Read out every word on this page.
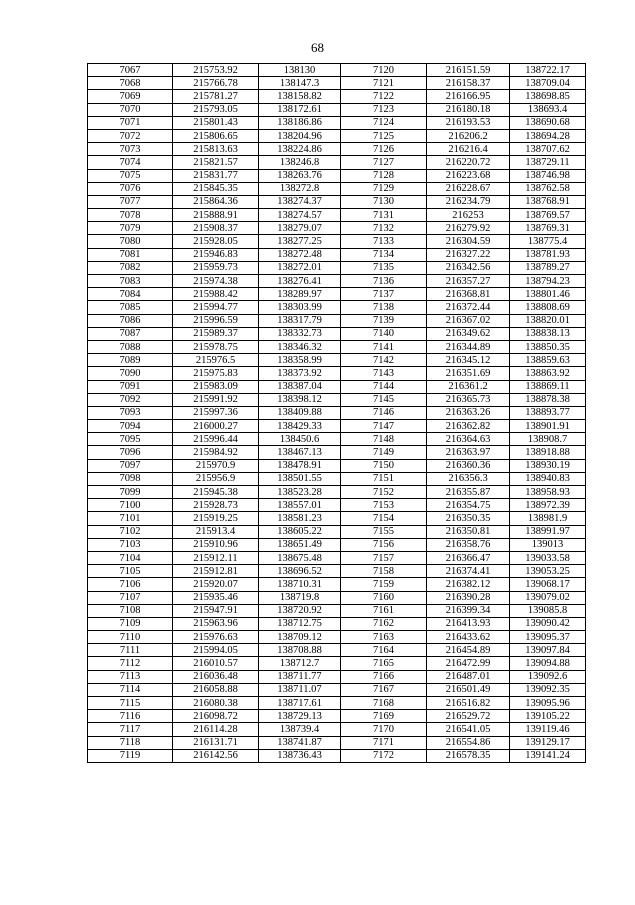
68
7067	215753.92	138130	7120	216151.59	138722.17
7068	215766.78	138147.3	7121	216158.37	138709.04
7069	215781.27	138158.82	7122	216166.95	138698.85
7070	215793.05	138172.61	7123	216180.18	138693.4
7071	215801.43	138186.86	7124	216193.53	138690.68
7072	215806.65	138204.96	7125	216206.2	138694.28
7073	215813.63	138224.86	7126	216216.4	138707.62
7074	215821.57	138246.8	7127	216220.72	138729.11
7075	215831.77	138263.76	7128	216223.68	138746.98
7076	215845.35	138272.8	7129	216228.67	138762.58
7077	215864.36	138274.37	7130	216234.79	138768.91
7078	215888.91	138274.57	7131	216253	138769.57
7079	215908.37	138279.07	7132	216279.92	138769.31
7080	215928.05	138277.25	7133	216304.59	138775.4
7081	215946.83	138272.48	7134	216327.22	138781.93
7082	215959.73	138272.01	7135	216342.56	138789.27
7083	215974.38	138276.41	7136	216357.27	138794.23
7084	215988.42	138289.97	7137	216368.81	138801.46
7085	215994.77	138303.99	7138	216372.44	138808.69
7086	215996.59	138317.79	7139	216367.02	138820.01
7087	215989.37	138332.73	7140	216349.62	138838.13
7088	215978.75	138346.32	7141	216344.89	138850.35
7089	215976.5	138358.99	7142	216345.12	138859.63
7090	215975.83	138373.92	7143	216351.69	138863.92
7091	215983.09	138387.04	7144	216361.2	138869.11
7092	215991.92	138398.12	7145	216365.73	138878.38
7093	215997.36	138409.88	7146	216363.26	138893.77
7094	216000.27	138429.33	7147	216362.82	138901.91
7095	215996.44	138450.6	7148	216364.63	138908.7
7096	215984.92	138467.13	7149	216363.97	138918.88
7097	215970.9	138478.91	7150	216360.36	138930.19
7098	215956.9	138501.55	7151	216356.3	138940.83
7099	215945.38	138523.28	7152	216355.87	138958.93
7100	215928.73	138557.01	7153	216354.75	138972.39
7101	215919.25	138581.23	7154	216350.35	138981.9
7102	215913.4	138605.22	7155	216350.81	138991.97
7103	215910.96	138651.49	7156	216358.76	139013
7104	215912.11	138675.48	7157	216366.47	139033.58
7105	215912.81	138696.52	7158	216374.41	139053.25
7106	215920.07	138710.31	7159	216382.12	139068.17
7107	215935.46	138719.8	7160	216390.28	139079.02
7108	215947.91	138720.92	7161	216399.34	139085.8
7109	215963.96	138712.75	7162	216413.93	139090.42
7110	215976.63	138709.12	7163	216433.62	139095.37
7111	215994.05	138708.88	7164	216454.89	139097.84
7112	216010.57	138712.7	7165	216472.99	139094.88
7113	216036.48	138711.77	7166	216487.01	139092.6
7114	216058.88	138711.07	7167	216501.49	139092.35
7115	216080.38	138717.61	7168	216516.82	139095.96
7116	216098.72	138729.13	7169	216529.72	139105.22
7117	216114.28	138739.4	7170	216541.05	139119.46
7118	216131.71	138741.87	7171	216554.86	139129.17
7119	216142.56	138736.43	7172	216578.35	139141.24
